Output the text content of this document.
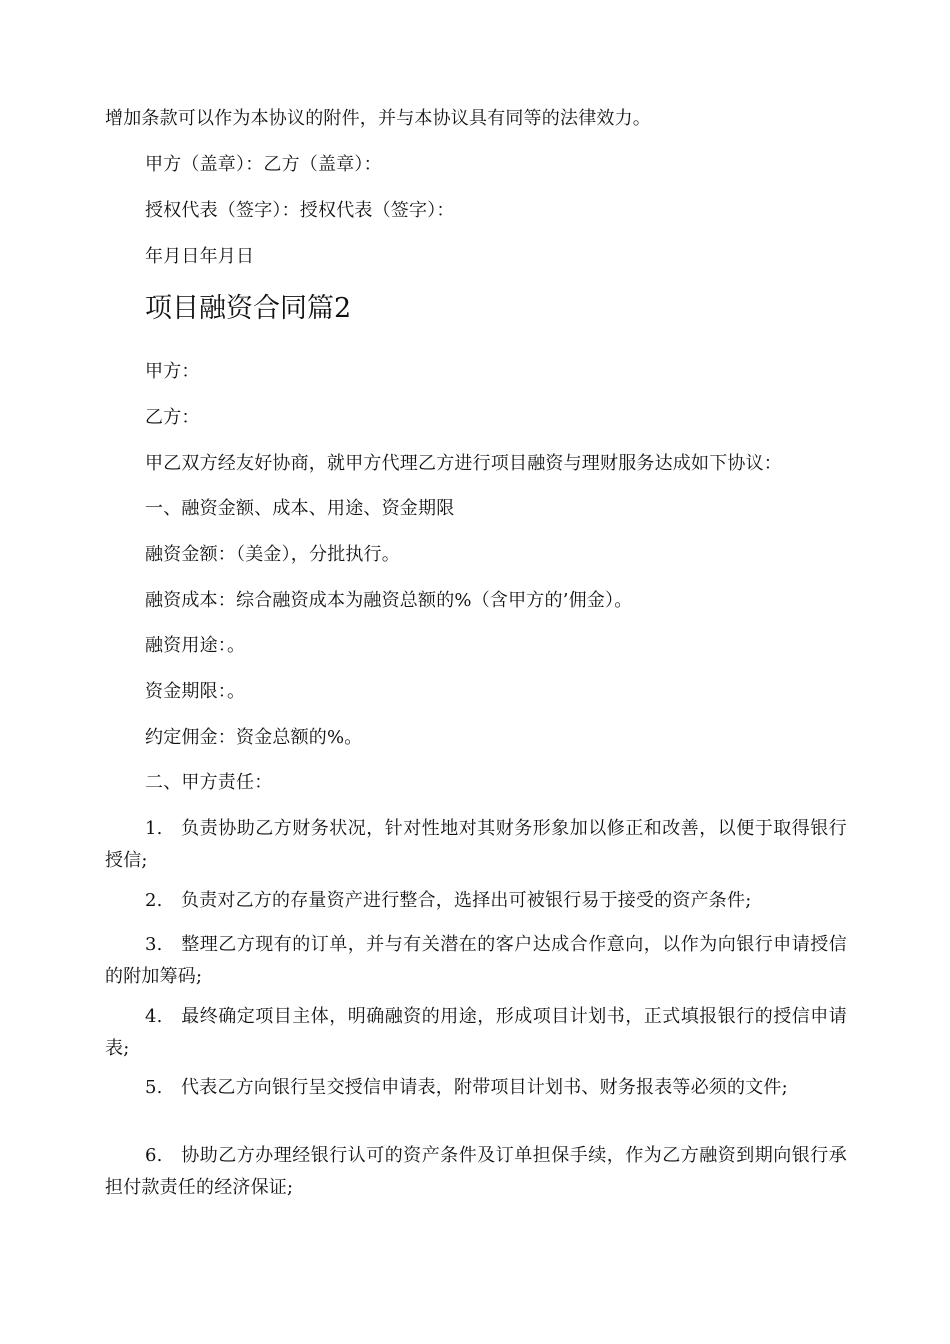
增加条款可以作为本协议的附件，并与本协议具有同等的法律效力。
甲方（盖章）：乙方（盖章）：
授权代表（签字）：授权代表（签字）：
年月日年月日
项目融资合同篇2
甲方：
乙方：
甲乙双方经友好协商，就甲方代理乙方进行项目融资与理财服务达成如下协议：
一、融资金额、成本、用途、资金期限
融资金额：（美金），分批执行。
融资成本：综合融资成本为融资总额的%（含甲方的’佣金）。
融资用途：。
资金期限：。
约定佣金：资金总额的%。
二、甲方责任：
1. 负责协助乙方财务状况，针对性地对其财务形象加以修正和改善，以便于取得银行授信;
2. 负责对乙方的存量资产进行整合，选择出可被银行易于接受的资产条件;
3. 整理乙方现有的订单，并与有关潜在的客户达成合作意向，以作为向银行申请授信的附加筹码;
4. 最终确定项目主体，明确融资的用途，形成项目计划书，正式填报银行的授信申请表;
5. 代表乙方向银行呈交授信申请表，附带项目计划书、财务报表等必须的文件;
6. 协助乙方办理经银行认可的资产条件及订单担保手续，作为乙方融资到期向银行承担付款责任的经济保证;
